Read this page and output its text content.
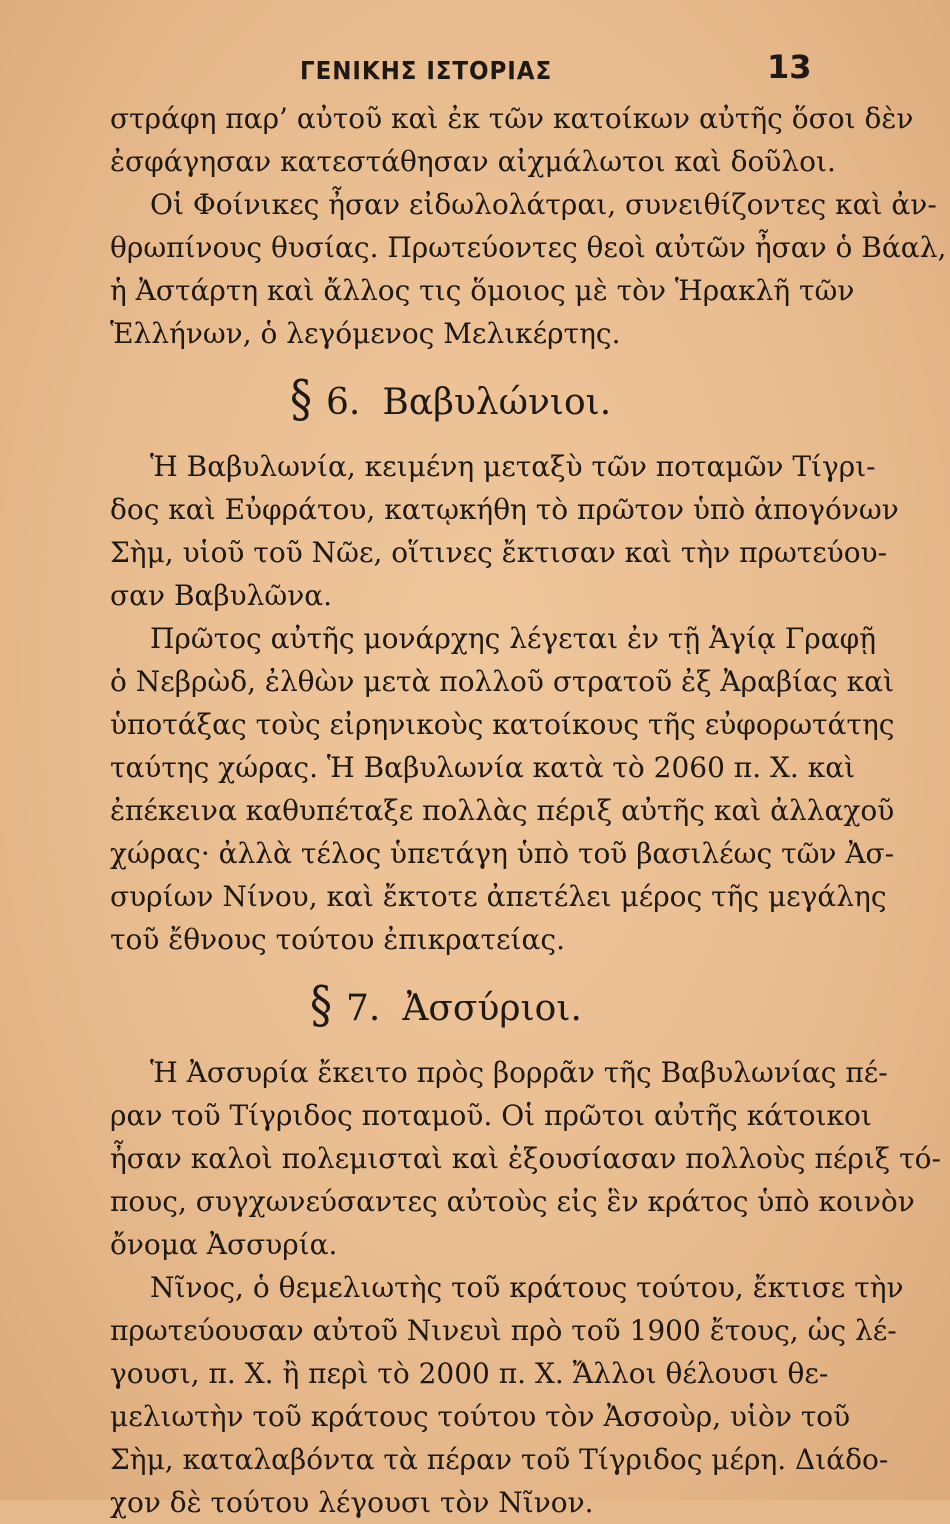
ΓΕΝΙΚΗΣ ΙΣΤΟΡΙΑΣ	13
στράφη παρ’ αὐτοῦ καὶ ἐκ τῶν κατοίκων αὐτῆς ὅσοι δὲν
ἐσφάγησαν κατεστάθησαν αἰχμάλωτοι καὶ δοῦλοι.
Οἱ Φοίνικες ἦσαν εἰδωλολάτραι, συνειθίζοντες καὶ ἀν-
θρωπίνους θυσίας. Πρωτεύοντες θεοὶ αὐτῶν ἦσαν ὁ Βάαλ,
ἡ Ἀστάρτη καὶ ἄλλος τις ὅμοιος μὲ τὸν Ἡρακλῆ τῶν
Ἑλλήνων, ὁ λεγόμενος Μελικέρτης.
§ 6. Βαβυλώνιοι.
Ἡ Βαβυλωνία, κειμένη μεταξὺ τῶν ποταμῶν Τίγρι-
δος καὶ Εὐφράτου, κατῳκήθη τὸ πρῶτον ὑπὸ ἀπογόνων
Σὴμ, υἱοῦ τοῦ Νῶε, οἵτινες ἔκτισαν καὶ τὴν πρωτεύου-
σαν Βαβυλῶνα.
Πρῶτος αὐτῆς μονάρχης λέγεται ἐν τῇ Ἁγίᾳ Γραφῇ
ὁ Νεβρὼδ, ἐλθὼν μετὰ πολλοῦ στρατοῦ ἐξ Ἀραβίας καὶ
ὑποτάξας τοὺς εἰρηνικοὺς κατοίκους τῆς εὐφορωτάτης
ταύτης χώρας. Ἡ Βαβυλωνία κατὰ τὸ 2060 π. Χ. καὶ
ἐπέκεινα καθυπέταξε πολλὰς πέριξ αὐτῆς καὶ ἀλλαχοῦ
χώρας· ἀλλὰ τέλος ὑπετάγη ὑπὸ τοῦ βασιλέως τῶν Ἀσ-
συρίων Νίνου, καὶ ἔκτοτε ἀπετέλει μέρος τῆς μεγάλης
τοῦ ἔθνους τούτου ἐπικρατείας.
§ 7. Ἀσσύριοι.
Ἡ Ἀσσυρία ἔκειτο πρὸς βορρᾶν τῆς Βαβυλωνίας πέ-
ραν τοῦ Τίγριδος ποταμοῦ. Οἱ πρῶτοι αὐτῆς κάτοικοι
ἦσαν καλοὶ πολεμισταὶ καὶ ἐξουσίασαν πολλοὺς πέριξ τό-
πους, συγχωνεύσαντες αὐτοὺς εἰς ἓν κράτος ὑπὸ κοινὸν
ὄνομα Ἀσσυρία.
Νῖνος, ὁ θεμελιωτὴς τοῦ κράτους τούτου, ἔκτισε τὴν
πρωτεύουσαν αὐτοῦ Νινευὶ πρὸ τοῦ 1900 ἔτους, ὡς λέ-
γουσι, π. Χ. ἢ περὶ τὸ 2000 π. Χ. Ἄλλοι θέλουσι θε-
μελιωτὴν τοῦ κράτους τούτου τὸν Ἀσσοὺρ, υἱὸν τοῦ
Σὴμ, καταλαβόντα τὰ πέραν τοῦ Τίγριδος μέρη. Διάδο-
χον δὲ τούτου λέγουσι τὸν Νῖνον.
